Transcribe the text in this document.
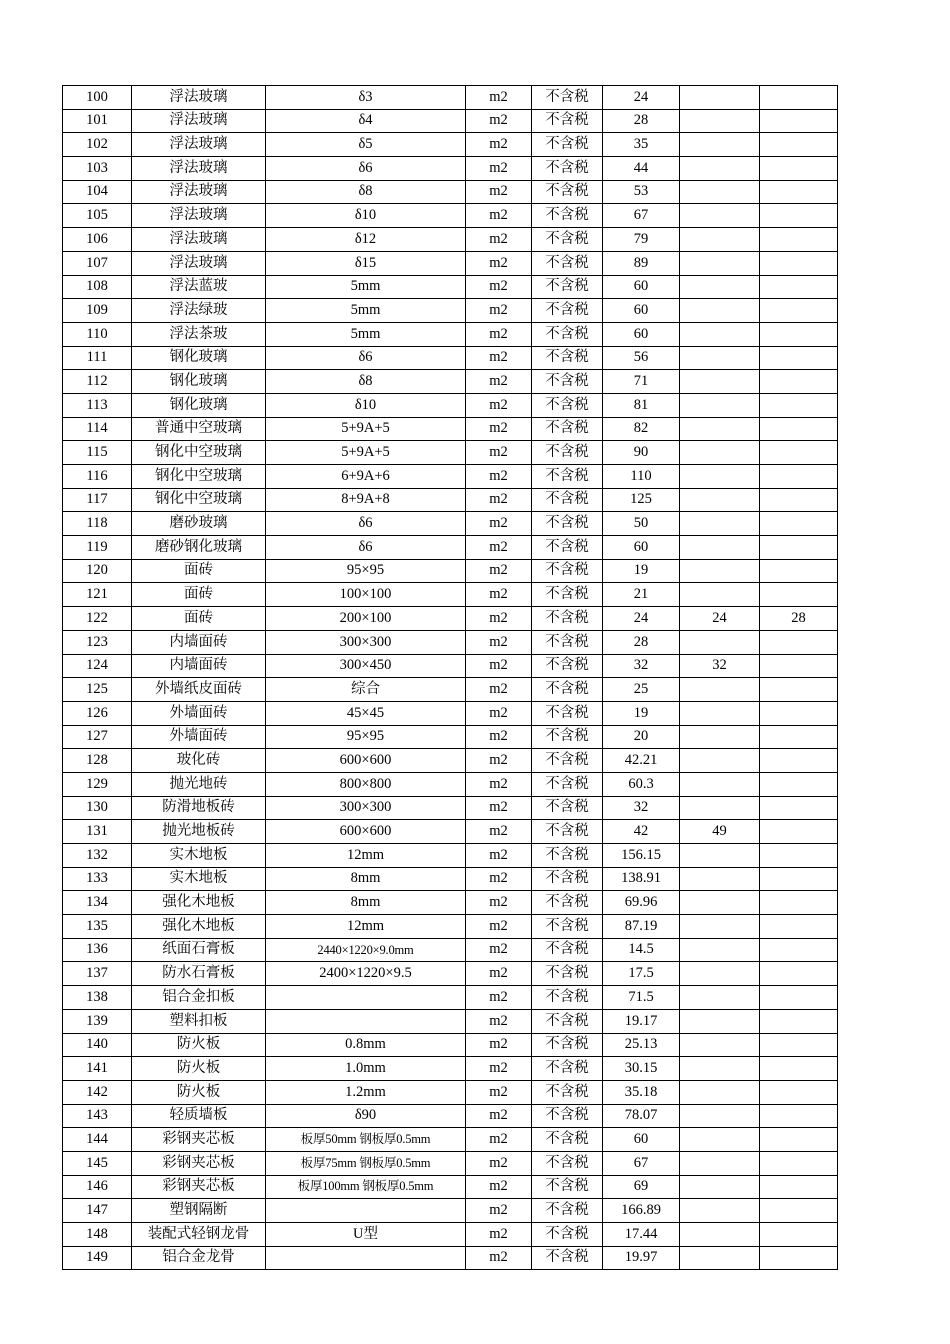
100	浮法玻璃	δ3	m2	不含税	24		
101	浮法玻璃	δ4	m2	不含税	28		
102	浮法玻璃	δ5	m2	不含税	35		
103	浮法玻璃	δ6	m2	不含税	44		
104	浮法玻璃	δ8	m2	不含税	53		
105	浮法玻璃	δ10	m2	不含税	67		
106	浮法玻璃	δ12	m2	不含税	79		
107	浮法玻璃	δ15	m2	不含税	89		
108	浮法蓝玻	5mm	m2	不含税	60		
109	浮法绿玻	5mm	m2	不含税	60		
110	浮法茶玻	5mm	m2	不含税	60		
111	钢化玻璃	δ6	m2	不含税	56		
112	钢化玻璃	δ8	m2	不含税	71		
113	钢化玻璃	δ10	m2	不含税	81		
114	普通中空玻璃	5+9A+5	m2	不含税	82		
115	钢化中空玻璃	5+9A+5	m2	不含税	90		
116	钢化中空玻璃	6+9A+6	m2	不含税	110		
117	钢化中空玻璃	8+9A+8	m2	不含税	125		
118	磨砂玻璃	δ6	m2	不含税	50		
119	磨砂钢化玻璃	δ6	m2	不含税	60		
120	面砖	95×95	m2	不含税	19		
121	面砖	100×100	m2	不含税	21		
122	面砖	200×100	m2	不含税	24	24	28
123	内墙面砖	300×300	m2	不含税	28		
124	内墙面砖	300×450	m2	不含税	32	32	
125	外墙纸皮面砖	综合	m2	不含税	25		
126	外墙面砖	45×45	m2	不含税	19		
127	外墙面砖	95×95	m2	不含税	20		
128	玻化砖	600×600	m2	不含税	42.21		
129	抛光地砖	800×800	m2	不含税	60.3		
130	防滑地板砖	300×300	m2	不含税	32		
131	抛光地板砖	600×600	m2	不含税	42	49	
132	实木地板	12mm	m2	不含税	156.15		
133	实木地板	8mm	m2	不含税	138.91		
134	强化木地板	8mm	m2	不含税	69.96		
135	强化木地板	12mm	m2	不含税	87.19		
136	纸面石膏板	2440×1220×9.0mm	m2	不含税	14.5		
137	防水石膏板	2400×1220×9.5	m2	不含税	17.5		
138	铝合金扣板		m2	不含税	71.5		
139	塑料扣板		m2	不含税	19.17		
140	防火板	0.8mm	m2	不含税	25.13		
141	防火板	1.0mm	m2	不含税	30.15		
142	防火板	1.2mm	m2	不含税	35.18		
143	轻质墙板	δ90	m2	不含税	78.07		
144	彩钢夹芯板	板厚50mm 钢板厚0.5mm	m2	不含税	60		
145	彩钢夹芯板	板厚75mm 钢板厚0.5mm	m2	不含税	67		
146	彩钢夹芯板	板厚100mm 钢板厚0.5mm	m2	不含税	69		
147	塑钢隔断		m2	不含税	166.89		
148	装配式轻钢龙骨	U型	m2	不含税	17.44		
149	铝合金龙骨		m2	不含税	19.97		
